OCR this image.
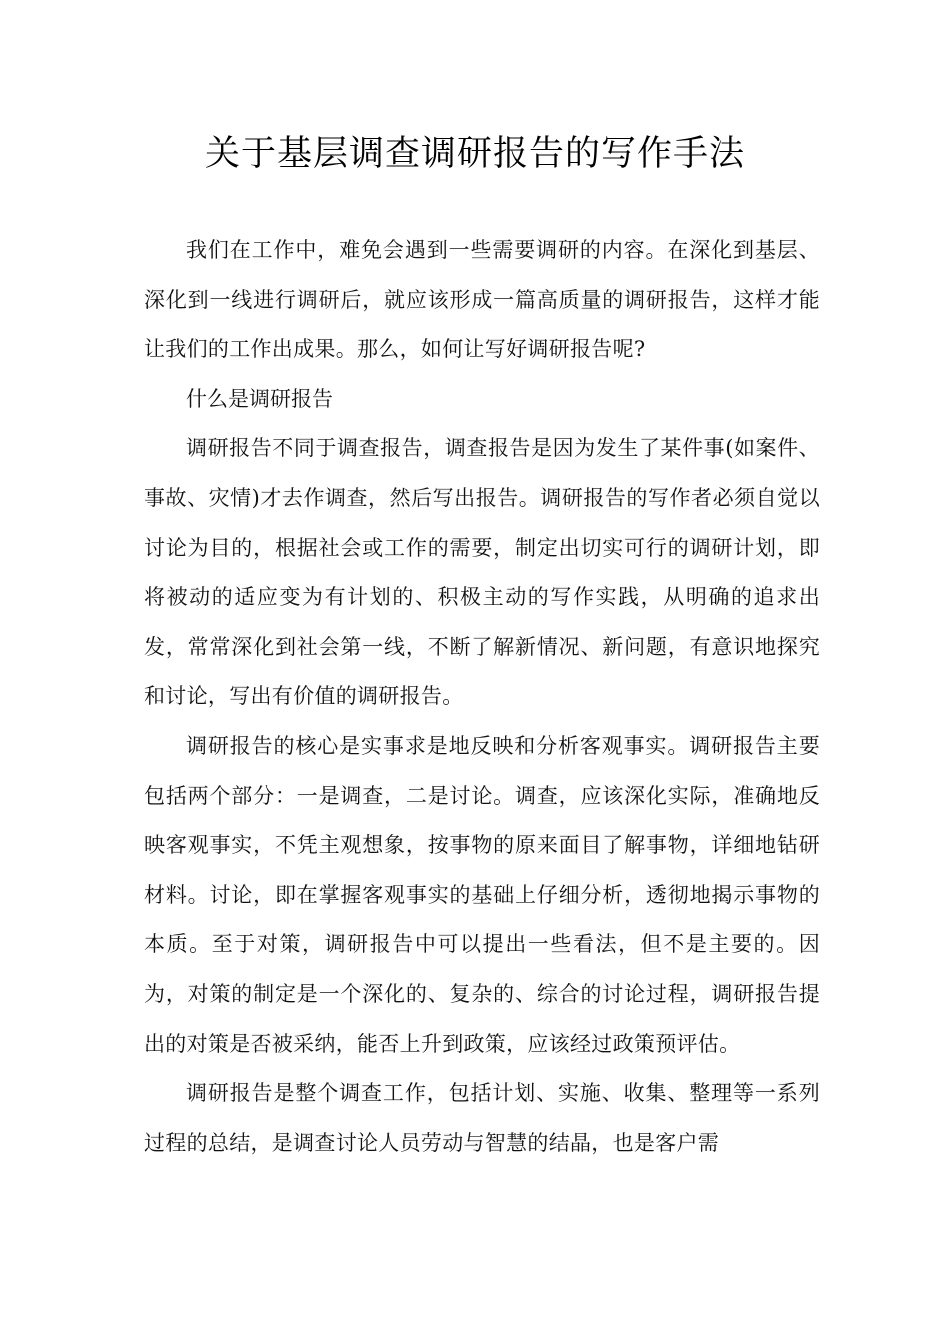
关于基层调查调研报告的写作手法

我们在工作中，难免会遇到一些需要调研的内容。在深化到基层、深化到一线进行调研后，就应该形成一篇高质量的调研报告，这样才能让我们的工作出成果。那么，如何让写好调研报告呢?

什么是调研报告

调研报告不同于调查报告，调查报告是因为发生了某件事(如案件、事故、灾情)才去作调查，然后写出报告。调研报告的写作者必须自觉以讨论为目的，根据社会或工作的需要，制定出切实可行的调研计划，即将被动的适应变为有计划的、积极主动的写作实践，从明确的追求出发，常常深化到社会第一线，不断了解新情况、新问题，有意识地探究和讨论，写出有价值的调研报告。

调研报告的核心是实事求是地反映和分析客观事实。调研报告主要包括两个部分：一是调查，二是讨论。调查，应该深化实际，准确地反映客观事实，不凭主观想象，按事物的原来面目了解事物，详细地钻研材料。讨论，即在掌握客观事实的基础上仔细分析，透彻地揭示事物的本质。至于对策，调研报告中可以提出一些看法，但不是主要的。因为，对策的制定是一个深化的、复杂的、综合的讨论过程，调研报告提出的对策是否被采纳，能否上升到政策，应该经过政策预评估。

调研报告是整个调查工作，包括计划、实施、收集、整理等一系列过程的总结，是调查讨论人员劳动与智慧的结晶，也是客户需
